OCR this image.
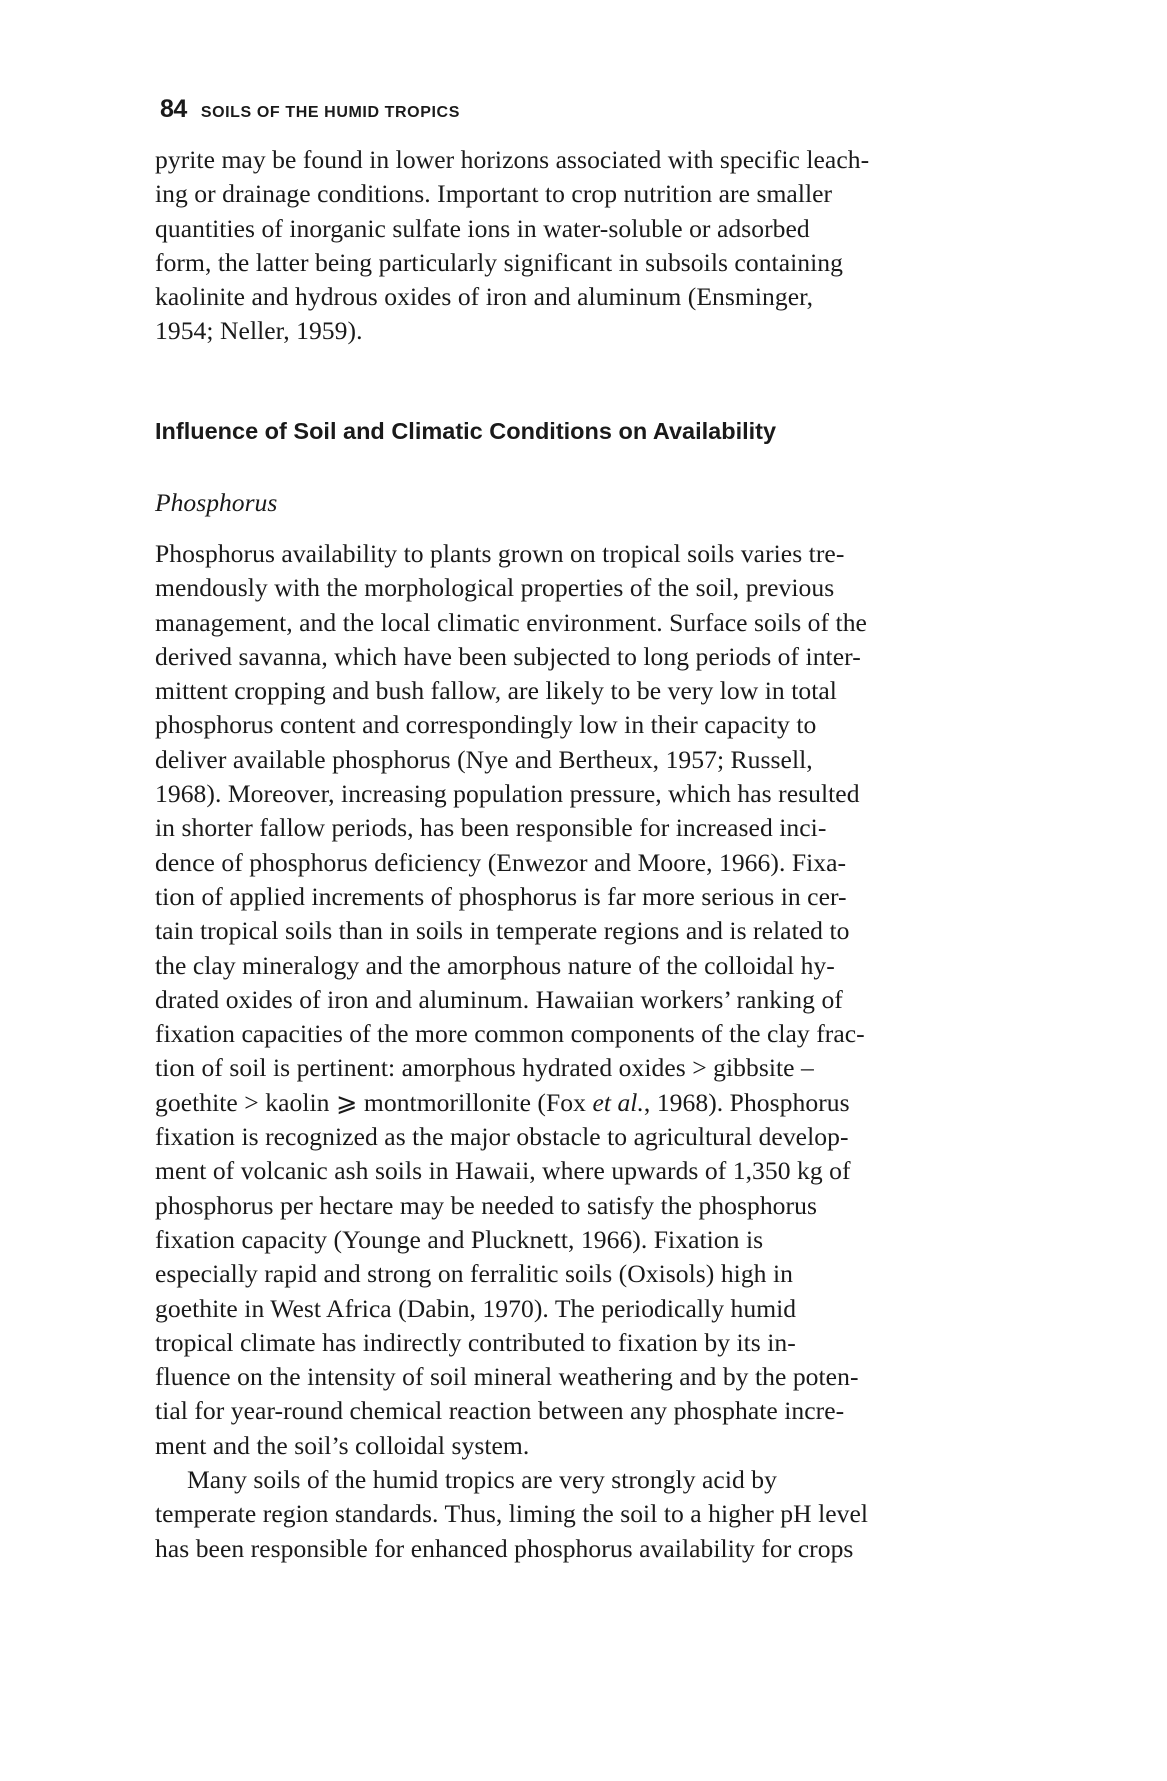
84 SOILS OF THE HUMID TROPICS
pyrite may be found in lower horizons associated with specific leach-
ing or drainage conditions. Important to crop nutrition are smaller
quantities of inorganic sulfate ions in water-soluble or adsorbed
form, the latter being particularly significant in subsoils containing
kaolinite and hydrous oxides of iron and aluminum (Ensminger,
1954; Neller, 1959).
Influence of Soil and Climatic Conditions on Availability
Phosphorus
Phosphorus availability to plants grown on tropical soils varies tre-
mendously with the morphological properties of the soil, previous
management, and the local climatic environment. Surface soils of the
derived savanna, which have been subjected to long periods of inter-
mittent cropping and bush fallow, are likely to be very low in total
phosphorus content and correspondingly low in their capacity to
deliver available phosphorus (Nye and Bertheux, 1957; Russell,
1968). Moreover, increasing population pressure, which has resulted
in shorter fallow periods, has been responsible for increased inci-
dence of phosphorus deficiency (Enwezor and Moore, 1966). Fixa-
tion of applied increments of phosphorus is far more serious in cer-
tain tropical soils than in soils in temperate regions and is related to
the clay mineralogy and the amorphous nature of the colloidal hy-
drated oxides of iron and aluminum. Hawaiian workers’ ranking of
fixation capacities of the more common components of the clay frac-
tion of soil is pertinent: amorphous hydrated oxides > gibbsite –
goethite > kaolin ⩾ montmorillonite (Fox et al., 1968). Phosphorus
fixation is recognized as the major obstacle to agricultural develop-
ment of volcanic ash soils in Hawaii, where upwards of 1,350 kg of
phosphorus per hectare may be needed to satisfy the phosphorus
fixation capacity (Younge and Plucknett, 1966). Fixation is
especially rapid and strong on ferralitic soils (Oxisols) high in
goethite in West Africa (Dabin, 1970). The periodically humid
tropical climate has indirectly contributed to fixation by its in-
fluence on the intensity of soil mineral weathering and by the poten-
tial for year-round chemical reaction between any phosphate incre-
ment and the soil’s colloidal system.
Many soils of the humid tropics are very strongly acid by
temperate region standards. Thus, liming the soil to a higher pH level
has been responsible for enhanced phosphorus availability for crops
